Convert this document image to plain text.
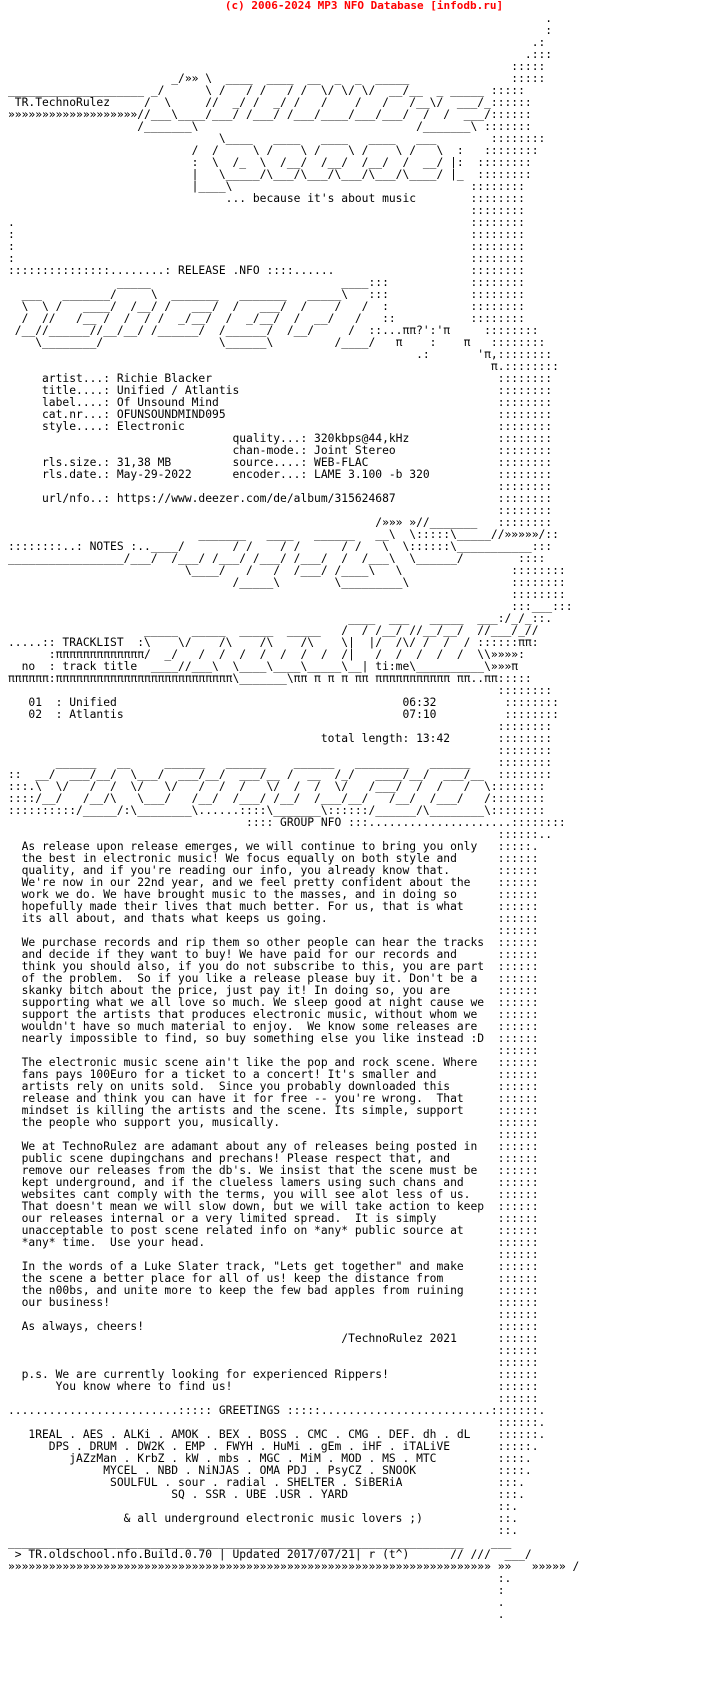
(c) 2006-2024 MP3 NFO Database [infodb.ru]
.
:
.:
.:::
:::::
_/»» \  ____  ____  __  _  _  _____               :::::
____________________ _/      \ /   / /   / /  \/ \/ \/  __/__  _ _____ :::::
TR.TechnoRulez     /  \     //  _/ /  _/ /   /    /   /   /__\/  ___/_::::::
»»»»»»»»»»»»»»»»»»»//___\____/___/ /___/ /___/____/___/___/  /  /  ___/::::::
/_______\                                /_______\ :::::::
\____   ____   ____   ____   ___        ::::::::
/  /     \ /    \ /    \ /    \ /   \  :   ::::::::
:  \  /_  \  /__/  /__/  /__/  /  __/ |:  ::::::::
|   \_____/\___/\___/\___/\___/\____/ |_  ::::::::
|____\                                   ::::::::
... because it's about music        ::::::::
::::::::
.                                                                   ::::::::
:                                                                   ::::::::
:                                                                   ::::::::
:                                                                   ::::::::
:::::::::::::::........: RELEASE .NFO ::::......                    ::::::::
_____                            ____:::            ::::::::
___   _______/     \  _______   _______   _____\   :::            ::::::::
\  \ /   ____/  /__/ /   ___/  /   ___/  /    /   /  :            ::::::::
/  //   /__ /  /  / /  _/__/  /  _/__/  /  __/   /   ::           ::::::::
/__//______//__/__/ /______/  /______/  /__/     /  ::...ππ?':'π     ::::::::
\________/                 \______\         /____/   π    :    π   ::::::::
.:       'π,::::::::
π.::::::::
artist...: Richie Blacker                                          ::::::::
title....: Unified / Atlantis                                      ::::::::
label....: Of Unsound Mind                                         ::::::::
cat.nr...: OFUNSOUNDMIND095                                        ::::::::
style....: Electronic                                              ::::::::
quality...: 320kbps@44,kHz             ::::::::
chan-mode.: Joint Stereo               ::::::::
rls.size.: 31,38 MB         source....: WEB-FLAC                   ::::::::
rls.date.: May-29-2022      encoder...: LAME 3.100 -b 320          ::::::::
::::::::
url/nfo..: https://www.deezer.com/de/album/315624687               ::::::::
::::::::
/»»» »//_______   ::::::::
_______   ____   ______   __\  \:::::\_____//»»»»»/::
::::::::..: NOTES :..____/       / /    / /      / /   \  \::::::\___________:::
_________________/___/  /___/ /___/ /___/ /___/  /  /___\  \______/        ::::
\____/   /   /  /___/ /____\   \                ::::::::
/_____\        \_________\               ::::::::
::::::::
:::___:::
____  ___   _____  ___:/_/_::.
_____  _____  _____  _____   /  / /__/ //__/__/  //___/_//
.....:: TRACKLIST  :\    \/    /\    /\    /\    \|  |/  /\/ /  /  / ::::::ππ:
:πππππππππππππ/  _/   /  /  /  /  /  /  /  /|   /  /  /  /  /  \\»»»»:
no  : track title  ____//___\  \____\____\_____\__| ti:me\__________\»»»π
ππππππ:ππππππππππππππππππππππππππ\_______\ππ π π π ππ πππππππππππ ππ..ππ:::::
::::::::
01  : Unified                                          06:32          ::::::::
02  : Atlantis                                         07:10          ::::::::
::::::::
total length: 13:42       ::::::::
::::::::
______   __     ______   ______    ______   ________   ______    ::::::::
::  __/  ___/__/  \___/  ___/__/  ___/__ /  __  /_/   ____/__/  ___/__  ::::::::
:::.\  \/   /  /  \/   \/   /  /  /   \/  /  /  \/   /___/  /  /   /  \::::::::
::::/__/   /__/\   \___/   /__/  /___/ /__/  /___/__/   /__/  /___/   /::::::::
::::::::::/_____/:\________\......::::\_______\::::::/______/\________\::::::::
:::: GROUP NFO :::.....................::::::::
::::::..
As release upon release emerges, we will continue to bring you only   :::::.
the best in electronic music! We focus equally on both style and      ::::::
quality, and if you're reading our info, you already know that.       ::::::
We're now in our 22nd year, and we feel pretty confident about the    ::::::
work we do. We have brought music to the masses, and in doing so      ::::::
hopefully made their lives that much better. For us, that is what     ::::::
its all about, and thats what keeps us going.                         ::::::
::::::
We purchase records and rip them so other people can hear the tracks  ::::::
and decide if they want to buy! We have paid for our records and      ::::::
think you should also, if you do not subscribe to this, you are part  ::::::
of the problem.  So if you like a release please buy it. Don't be a   ::::::
skanky bitch about the price, just pay it! In doing so, you are       ::::::
supporting what we all love so much. We sleep good at night cause we  ::::::
support the artists that produces electronic music, without whom we   ::::::
wouldn't have so much material to enjoy.  We know some releases are   ::::::
nearly impossible to find, so buy something else you like instead :D  ::::::
::::::
The electronic music scene ain't like the pop and rock scene. Where   ::::::
fans pays 100Euro for a ticket to a concert! It's smaller and         ::::::
artists rely on units sold.  Since you probably downloaded this       ::::::
release and think you can have it for free -- you're wrong.  That     ::::::
mindset is killing the artists and the scene. Its simple, support     ::::::
the people who support you, musically.                                ::::::
::::::
We at TechnoRulez are adamant about any of releases being posted in   ::::::
public scene dupingchans and prechans! Please respect that, and       ::::::
remove our releases from the db's. We insist that the scene must be   ::::::
kept underground, and if the clueless lamers using such chans and     ::::::
websites cant comply with the terms, you will see alot less of us.    ::::::
That doesn't mean we will slow down, but we will take action to keep  ::::::
our releases internal or a very limited spread.  It is simply         ::::::
unacceptable to post scene related info on *any* public source at     ::::::
*any* time.  Use your head.                                           ::::::
::::::
In the words of a Luke Slater track, "Lets get together" and make     ::::::
the scene a better place for all of us! keep the distance from        ::::::
the n00bs, and unite more to keep the few bad apples from ruining     ::::::
our business!                                                         ::::::
::::::
As always, cheers!                                                    ::::::
/TechnoRulez 2021      ::::::
::::::
::::::
p.s. We are currently looking for experienced Rippers!                ::::::
You know where to find us!                                       ::::::
::::::
.........................::::: GREETINGS :::::.........................:::::::.
::::::.
1REAL . AES . ALKi . AMOK . BEX . BOSS . CMC . CMG . DEF. dh . dL    ::::::.
DPS . DRUM . DW2K . EMP . FWYH . HuMi . gEm . iHF . iTALiVE       :::::.
jAZzMan . KrbZ . kW . mbs . MGC . MiM . MOD . MS . MTC         ::::.
MYCEL . NBD . NiNJAS . OMA PDJ . PsyCZ . SNOOK            ::::.
SOULFUL . sour . radial . SHELTER . SiBERiA              :::.
SQ . SSR . UBE .USR . YARD                      :::.
::.
& all underground electronic music lovers ;)           ::.
::.
___________________________________________________________________    ___
> TR.oldschool.nfo.Build.0.70 | Updated 2017/07/21| r (t^)      // ///  ___/
»»»»»»»»»»»»»»»»»»»»»»»»»»»»»»»»»»»»»»»»»»»»»»»»»»»»»»»»»»»»»»»»»»»»»»» »»   »»»»» /
:.
:
.
.
